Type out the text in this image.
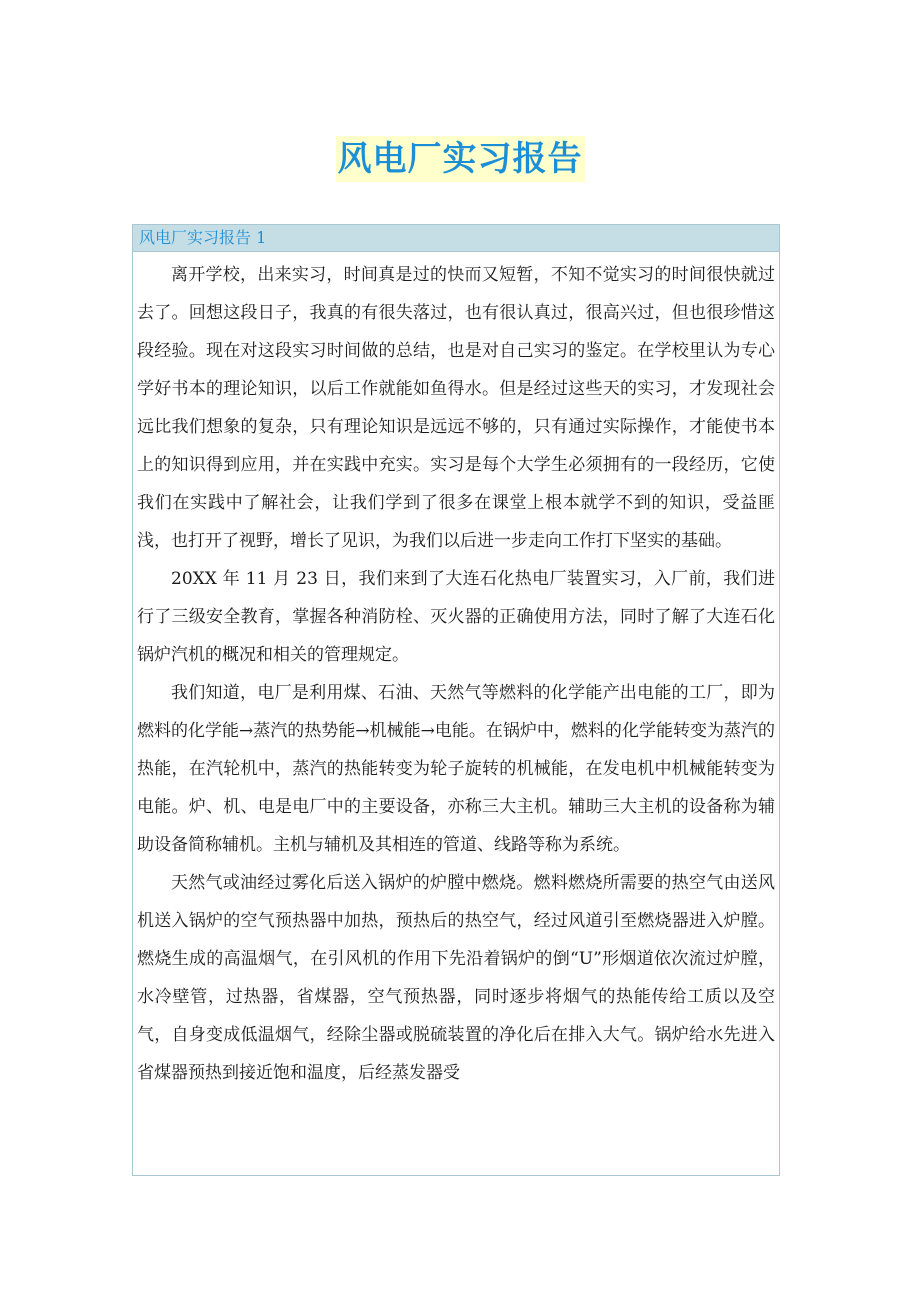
风电厂实习报告
风电厂实习报告 1

离开学校，出来实习，时间真是过的快而又短暂，不知不觉实习的时间很快就过去了。回想这段日子，我真的有很失落过，也有很认真过，很高兴过，但也很珍惜这段经验。现在对这段实习时间做的总结，也是对自己实习的鉴定。在学校里认为专心学好书本的理论知识，以后工作就能如鱼得水。但是经过这些天的实习，才发现社会远比我们想象的复杂，只有理论知识是远远不够的，只有通过实际操作，才能使书本上的知识得到应用，并在实践中充实。实习是每个大学生必须拥有的一段经历，它使我们在实践中了解社会，让我们学到了很多在课堂上根本就学不到的知识，受益匪浅，也打开了视野，增长了见识，为我们以后进一步走向工作打下坚实的基础。

20XX 年 11 月 23 日，我们来到了大连石化热电厂装置实习，入厂前，我们进行了三级安全教育，掌握各种消防栓、灭火器的正确使用方法，同时了解了大连石化锅炉汽机的概况和相关的管理规定。

我们知道，电厂是利用煤、石油、天然气等燃料的化学能产出电能的工厂，即为燃料的化学能→蒸汽的热势能→机械能→电能。在锅炉中，燃料的化学能转变为蒸汽的热能，在汽轮机中，蒸汽的热能转变为轮子旋转的机械能，在发电机中机械能转变为电能。炉、机、电是电厂中的主要设备，亦称三大主机。辅助三大主机的设备称为辅助设备简称辅机。主机与辅机及其相连的管道、线路等称为系统。

天然气或油经过雾化后送入锅炉的炉膛中燃烧。燃料燃烧所需要的热空气由送风机送入锅炉的空气预热器中加热，预热后的热空气，经过风道引至燃烧器进入炉膛。 燃烧生成的高温烟气，在引风机的作用下先沿着锅炉的倒“U”形烟道依次流过炉膛，水冷壁管，过热器，省煤器，空气预热器，同时逐步将烟气的热能传给工质以及空气，自身变成低温烟气，经除尘器或脱硫装置的净化后在排入大气。锅炉给水先进入省煤器预热到接近饱和温度，后经蒸发器受
